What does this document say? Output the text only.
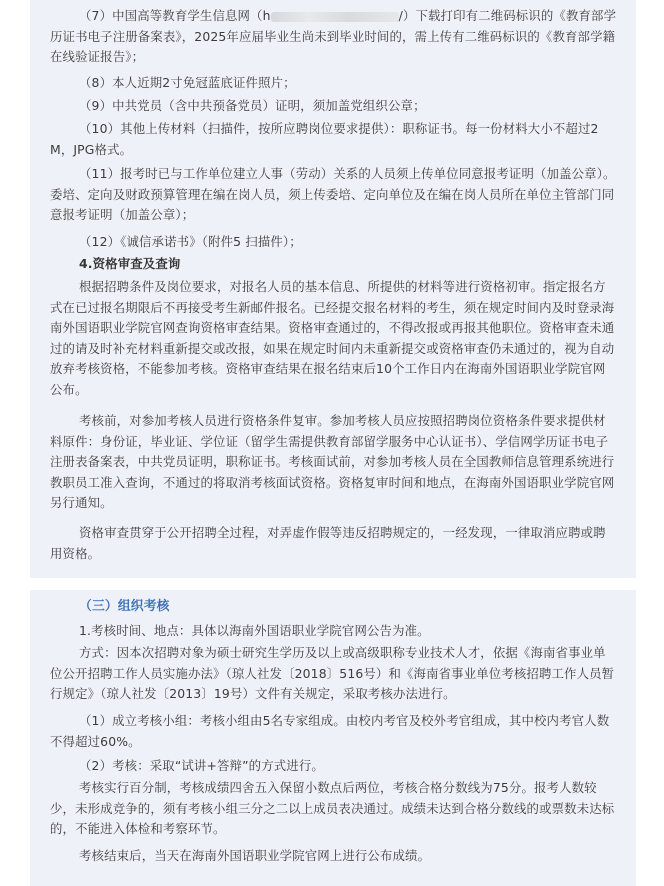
（7）中国高等教育学生信息网（h	/）下载打印有二维码标识的《教育部学历证书电子注册备案表》，2025年应届毕业生尚未到毕业时间的，需上传有二维码标识的《教育部学籍在线验证报告》；

（8）本人近期2寸免冠蓝底证件照片；

（9）中共党员（含中共预备党员）证明，须加盖党组织公章；

（10）其他上传材料（扫描件，按所应聘岗位要求提供）：职称证书。每一份材料大小不超过2M，JPG格式。

（11）报考时已与工作单位建立人事（劳动）关系的人员须上传单位同意报考证明（加盖公章）。委培、定向及财政预算管理在编在岗人员，须上传委培、定向单位及在编在岗人员所在单位主管部门同意报考证明（加盖公章）；

（12）《诚信承诺书》（附件5 扫描件）；

4.资格审查及查询

根据招聘条件及岗位要求，对报名人员的基本信息、所提供的材料等进行资格初审。指定报名方式在已过报名期限后不再接受考生新邮件报名。已经提交报名材料的考生，须在规定时间内及时登录海南外国语职业学院官网查询资格审查结果。资格审查通过的，不得改报或再报其他职位。资格审查未通过的请及时补充材料重新提交或改报，如果在规定时间内未重新提交或资格审查仍未通过的，视为自动放弃考核资格，不能参加考核。资格审查结果在报名结束后10个工作日内在海南外国语职业学院官网公布。

考核前，对参加考核人员进行资格条件复审。参加考核人员应按照招聘岗位资格条件要求提供材料原件：身份证，毕业证、学位证（留学生需提供教育部留学服务中心认证书）、学信网学历证书电子注册表备案表，中共党员证明，职称证书。考核面试前，对参加考核人员在全国教师信息管理系统进行教职员工准入查询，不通过的将取消考核面试资格。资格复审时间和地点，在海南外国语职业学院官网另行通知。

资格审查贯穿于公开招聘全过程，对弄虚作假等违反招聘规定的，一经发现，一律取消应聘或聘用资格。

（三）组织考核

1.考核时间、地点：具体以海南外国语职业学院官网公告为准。

方式：因本次招聘对象为硕士研究生学历及以上或高级职称专业技术人才，依据《海南省事业单位公开招聘工作人员实施办法》（琼人社发〔2018〕516号）和《海南省事业单位考核招聘工作人员暂行规定》（琼人社发〔2013〕19号）文件有关规定，采取考核办法进行。

（1）成立考核小组：考核小组由5名专家组成。由校内考官及校外考官组成，其中校内考官人数不得超过60%。

（2）考核：采取“试讲+答辩”的方式进行。

考核实行百分制，考核成绩四舍五入保留小数点后两位，考核合格分数线为75分。报考人数较少，未形成竞争的，须有考核小组三分之二以上成员表决通过。成绩未达到合格分数线的或票数未达标的，不能进入体检和考察环节。

考核结束后，当天在海南外国语职业学院官网上进行公布成绩。
